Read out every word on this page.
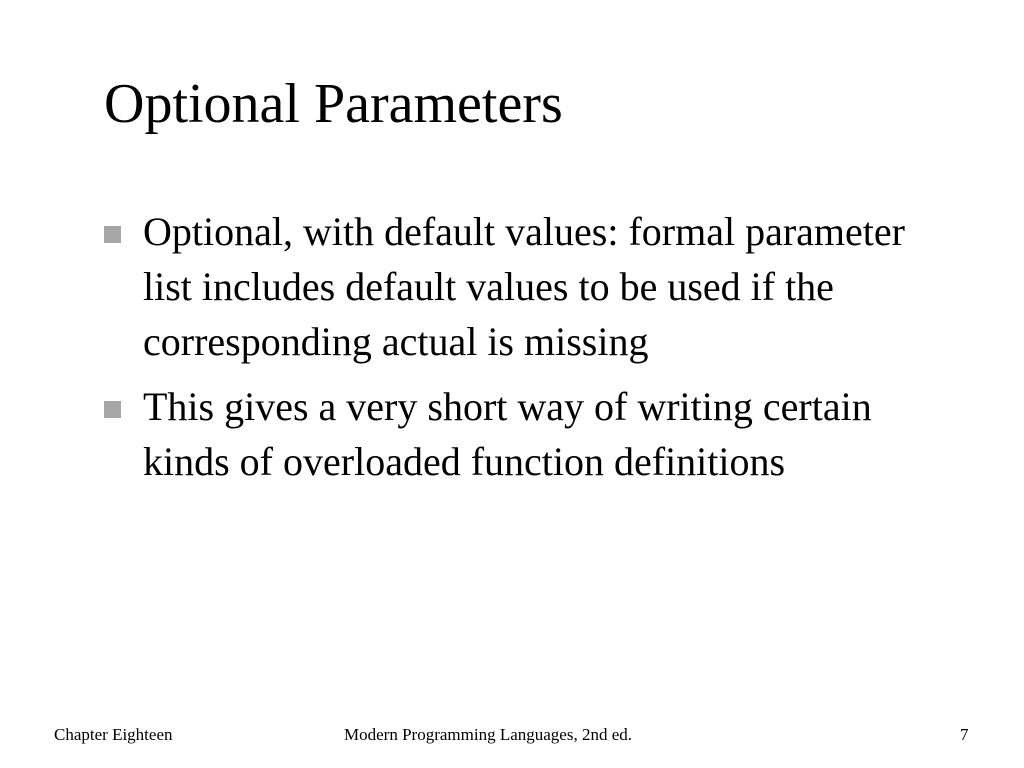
Optional Parameters
Optional, with default values: formal parameter list includes default values to be used if the corresponding actual is missing
This gives a very short way of writing certain kinds of overloaded function definitions
Chapter Eighteen	Modern Programming Languages, 2nd ed.	7
